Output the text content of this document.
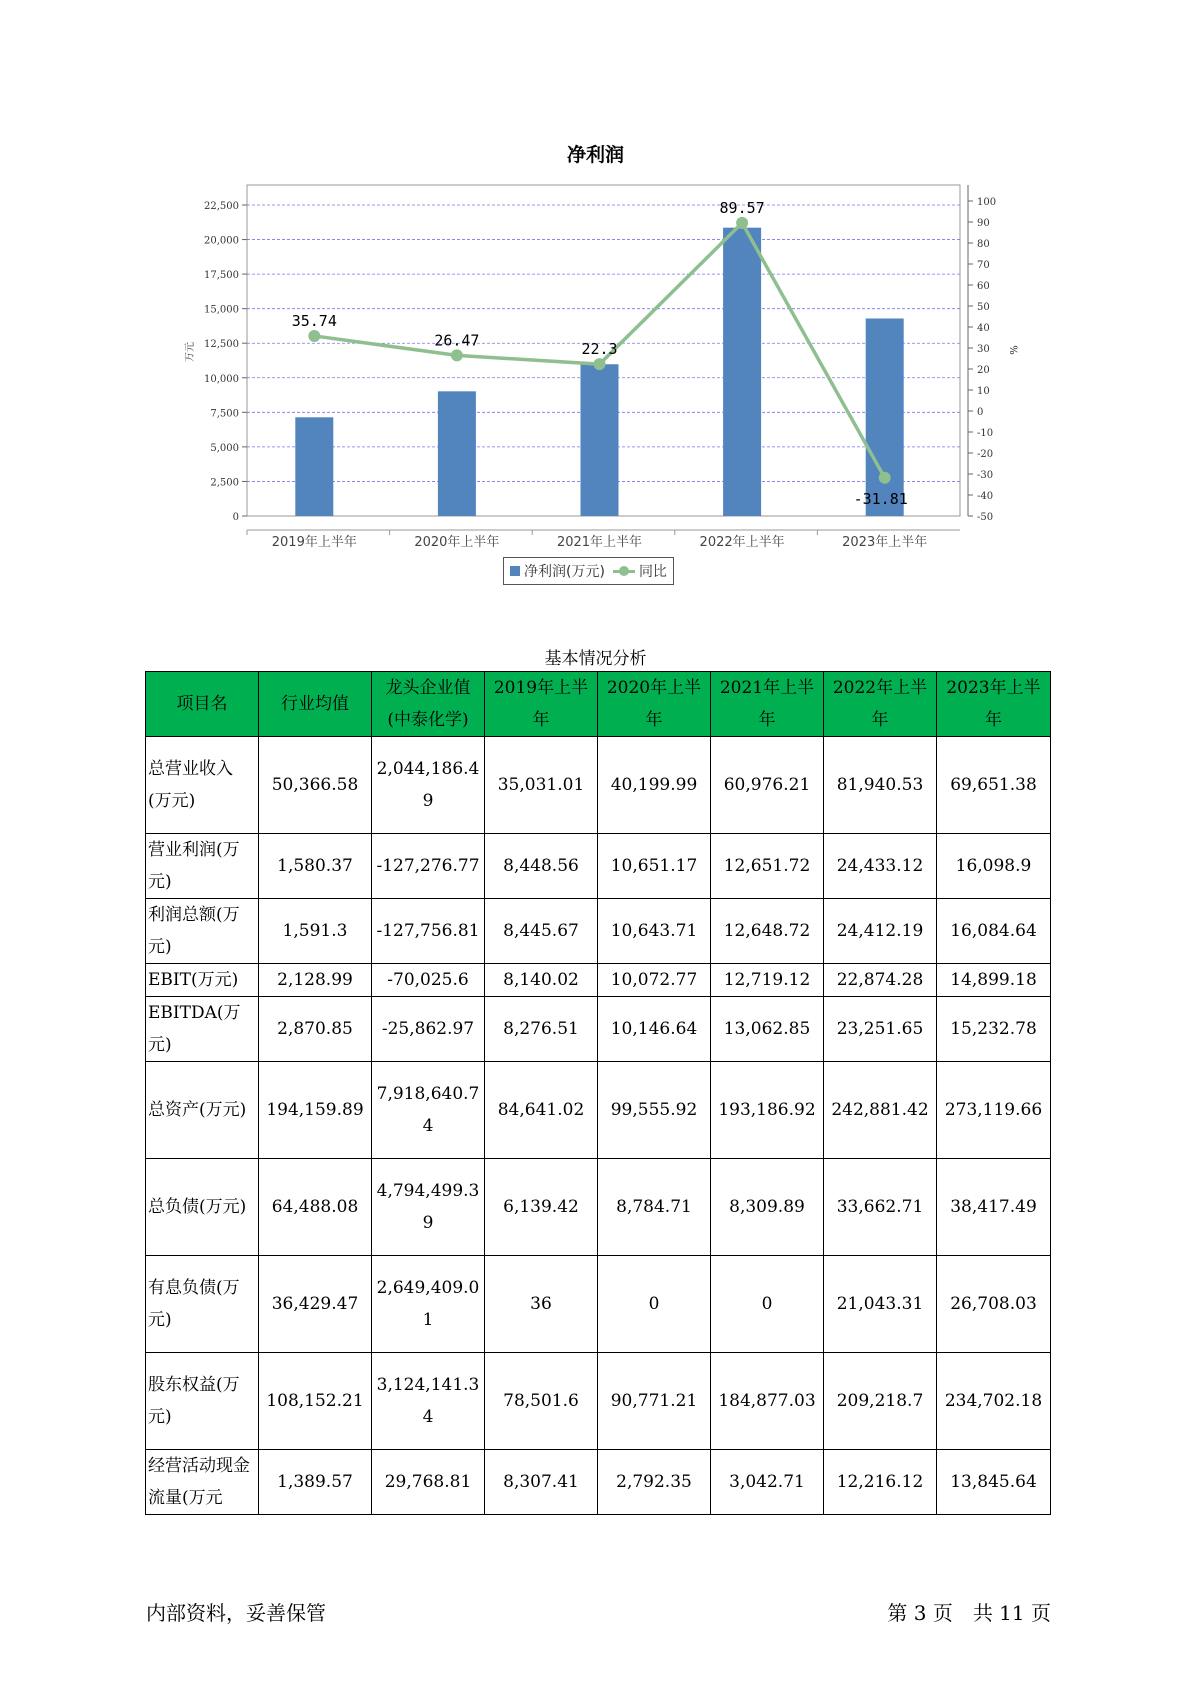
净利润
0
2,500
5,000
7,500
10,000
12,500
15,000
17,500
20,000
22,500
-50
-40
-30
-20
-10
0
10
20
30
40
50
60
70
80
90
100
万元	%
2019年上半年	2020年上半年	2021年上半年	2022年上半年	2023年上半年
35.74
26.47	22.3
89.57
-31.81
净利润(万元) 同比
基本情况分析
项目名	行业均值	龙头企业值(中泰化学)	2019年上半年	2020年上半年	2021年上半年	2022年上半年	2023年上半年
总营业收入(万元)	50,366.58	2,044,186.49	35,031.01	40,199.99	60,976.21	81,940.53	69,651.38
营业利润(万元)	1,580.37	-127,276.77	8,448.56	10,651.17	12,651.72	24,433.12	16,098.9
利润总额(万元)	1,591.3	-127,756.81	8,445.67	10,643.71	12,648.72	24,412.19	16,084.64
EBIT(万元)	2,128.99	-70,025.6	8,140.02	10,072.77	12,719.12	22,874.28	14,899.18
EBITDA(万元)	2,870.85	-25,862.97	8,276.51	10,146.64	13,062.85	23,251.65	15,232.78
总资产(万元)	194,159.89	7,918,640.74	84,641.02	99,555.92	193,186.92	242,881.42	273,119.66
总负债(万元)	64,488.08	4,794,499.39	6,139.42	8,784.71	8,309.89	33,662.71	38,417.49
有息负债(万元)	36,429.47	2,649,409.01	36	0	0	21,043.31	26,708.03
股东权益(万元)	108,152.21	3,124,141.34	78,501.6	90,771.21	184,877.03	209,218.7	234,702.18
经营活动现金流量(万元	1,389.57	29,768.81	8,307.41	2,792.35	3,042.71	12,216.12	13,845.64
内部资料，妥善保管	第 3 页　共 11 页
